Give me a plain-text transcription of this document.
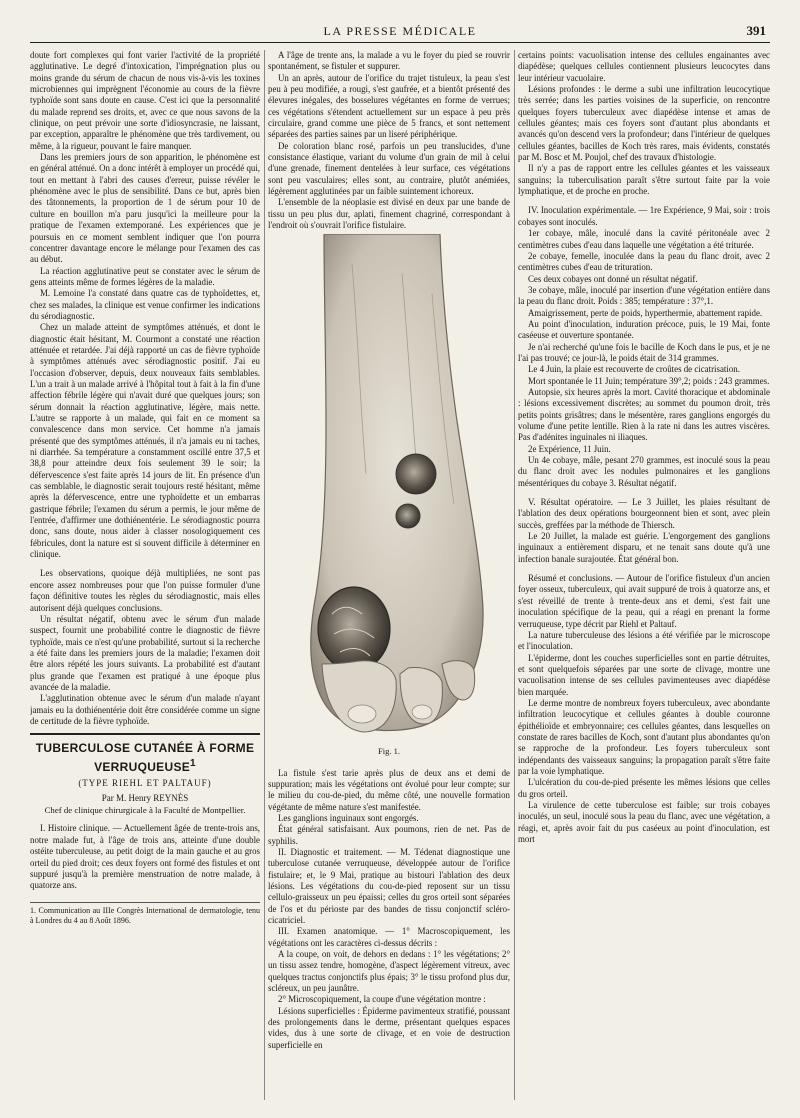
LA PRESSE MÉDICALE	391

doute fort complexes qui font varier l'activité de la propriété agglutinative. Le degré d'intoxication, l'imprégnation plus ou moins grande du sérum de chacun de nous vis-à-vis les toxines microbiennes qui imprègnent l'économie au cours de la fièvre typhoïde sont sans doute en cause. C'est ici que la personnalité du malade reprend ses droits, et, avec ce que nous savons de la clinique, on peut prévoir une sorte d'idiosyncrasie, ne laissant, par exception, apparaître le phénomène que très tardivement, ou même, à la rigueur, pouvant le faire manquer.

Dans les premiers jours de son apparition, le phénomène est en général atténué. On a donc intérêt à employer un procédé qui, tout en mettant à l'abri des causes d'erreur, puisse révéler le phénomène avec le plus de sensibilité. Dans ce but, après bien des tâtonnements, la proportion de 1 de sérum pour 10 de culture en bouillon m'a paru jusqu'ici la meilleure pour la pratique de l'examen extemporané. Les expériences que je poursuis en ce moment semblent indiquer que l'on pourra concentrer davantage encore le mélange pour l'examen des cas au début.

La réaction agglutinative peut se constater avec le sérum de gens atteints même de formes légères de la maladie.

M. Lemoine l'a constaté dans quatre cas de typhoïdettes, et, chez ses malades, la clinique est venue confirmer les indications du sérodiagnostic.

Chez un malade atteint de symptômes atténués, et dont le diagnostic était hésitant, M. Courmont a constaté une réaction atténuée et retardée. J'ai déjà rapporté un cas de fièvre typhoïde à symptômes atténués avec sérodiagnostic positif. J'ai eu l'occasion d'observer, depuis, deux nouveaux faits semblables. L'un a trait à un malade arrivé à l'hôpital tout à fait à la fin d'une affection fébrile légère qui n'avait duré que quelques jours; son sérum donnait la réaction agglutinative, légère, mais nette. L'autre se rapporte à un malade, qui fait en ce moment sa convalescence dans mon service. Cet homme n'a jamais présenté que des symptômes atténués, il n'a jamais eu ni taches, ni diarrhée. Sa température a constamment oscillé entre 37,5 et 38,8 pour atteindre deux fois seulement 39 le soir; la défervescence s'est faite après 14 jours de lit. En présence d'un cas semblable, le diagnostic serait toujours resté hésitant, même après la défervescence, entre une typhoïdette et un embarras gastrique fébrile; l'examen du sérum a permis, le jour même de l'entrée, d'affirmer une dothiénentérie. Le sérodiagnostic pourra donc, sans doute, nous aider à classer nosologiquement ces fébricules, dont la nature est si souvent difficile à déterminer en clinique.

Les observations, quoique déjà multipliées, ne sont pas encore assez nombreuses pour que l'on puisse formuler d'une façon définitive toutes les règles du sérodiagnostic, mais elles autorisent déjà quelques conclusions.

Un résultat négatif, obtenu avec le sérum d'un malade suspect, fournit une probabilité contre le diagnostic de fièvre typhoïde, mais ce n'est qu'une probabilité, surtout si la recherche a été faite dans les premiers jours de la maladie; l'examen doit être alors répété les jours suivants. La probabilité est d'autant plus grande que l'examen est pratiqué à une époque plus avancée de la maladie.

L'agglutination obtenue avec le sérum d'un malade n'ayant jamais eu la dothiénentérie doit être considérée comme un signe de certitude de la fièvre typhoïde.

TUBERCULOSE CUTANÉE À FORME VERRUQUEUSE$^1$
(TYPE RIEHL ET PALTAUF)
Par M. Henry REYNÈS
Chef de clinique chirurgicale à la Faculté de Montpellier.

I. Histoire clinique. — Actuellement âgée de trente-trois ans, notre malade fut, à l'âge de trois ans, atteinte d'une double ostéite tuberculeuse, au petit doigt de la main gauche et au gros orteil du pied droit; ces deux foyers ont formé des fistules et ont suppuré jusqu'à la première menstruation de notre malade, à quatorze ans.

1. Communication au IIIe Congrès International de dermatologie, tenu à Londres du 4 au 8 Août 1896.

A l'âge de trente ans, la malade a vu le foyer du pied se rouvrir spontanément, se fistuler et suppurer.

Un an après, autour de l'orifice du trajet tistuleux, la peau s'est peu à peu modifiée, a rougi, s'est gaufrée, et a bientôt présenté des élevures inégales, des bosselures végétantes en forme de verrues; ces végétations s'étendent actuellement sur un espace à peu près circulaire, grand comme une pièce de 5 francs, et sont nettement séparées des parties saines par un liseré périphérique.

De coloration blanc rosé, parfois un peu translucides, d'une consistance élastique, variant du volume d'un grain de mil à celui d'une grenade, finement dentelées à leur surface, ces végétations sont peu vasculaires; elles sont, au contraire, plutôt anémiées, légèrement agglutinées par un faible suintement ichoreux.

L'ensemble de la néoplasie est divisé en deux par une bande de tissu un peu plus dur, aplati, finement chagriné, correspondant à l'endroit où s'ouvrait l'orifice fistulaire.

Fig. 1.

La fistule s'est tarie après plus de deux ans et demi de suppuration; mais les végétations ont évolué pour leur compte; sur le milieu du cou-de-pied, du même côté, une nouvelle formation végétante de même nature s'est manifestée.

Les ganglions inguinaux sont engorgés.

État général satisfaisant. Aux poumons, rien de net. Pas de syphilis.

II. Diagnostic et traitement. — M. Tédenat diagnostique une tuberculose cutanée verruqueuse, développée autour de l'orifice fistulaire; et, le 9 Mai, pratique au bistouri l'ablation des deux lésions. Les végétations du cou-de-pied reposent sur un tissu cellulo-graisseux un peu épaissi; celles du gros orteil sont séparées de l'os et du périoste par des bandes de tissu conjonctif scléro-cicatriciel.

III. Examen anatomique. — 1° Macroscopiquement, les végétations ont les caractères ci-dessus décrits :

A la coupe, on voit, de dehors en dedans : 1° les végétations; 2° un tissu assez tendre, homogène, d'aspect légèrement vitreux, avec quelques tractus conjonctifs plus épais; 3° le tissu profond plus dur, scléreux, un peu jaunâtre.

2° Microscopiquement, la coupe d'une végétation montre :

Lésions superficielles : Épiderme pavimenteux stratifié, poussant des prolongements dans le derme, présentant quelques espaces vides, dus à une sorte de clivage, et en voie de destruction superficielle en

certains points: vacuolisation intense des cellules engainantes avec diapédèse; quelques cellules contiennent plusieurs leucocytes dans leur intérieur vacuolaire.

Lésions profondes : le derme a subi une infiltration leucocytique très serrée; dans les parties voisines de la superficie, on rencontre quelques foyers tuberculeux avec diapédèse intense et amas de cellules géantes; mais ces foyers sont d'autant plus abondants et avancés qu'on descend vers la profondeur; dans l'intérieur de quelques cellules géantes, bacilles de Koch très rares, mais évidents, constatés par M. Bosc et M. Poujol, chef des travaux d'histologie.

Il n'y a pas de rapport entre les cellules géantes et les vaisseaux sanguins; la tuberculisation paraît s'être surtout faite par la voie lymphatique, et de proche en proche.

IV. Inoculation expérimentale. — 1re Expérience, 9 Mai, soir : trois cobayes sont inoculés.

1er cobaye, mâle, inoculé dans la cavité péritonéale avec 2 centimètres cubes d'eau dans laquelle une végétation a été triturée.

2e cobaye, femelle, inoculée dans la peau du flanc droit, avec 2 centimètres cubes d'eau de trituration.

Ces deux cobayes ont donné un résultat négatif.

3e cobaye, mâle, inoculé par insertion d'une végétation entière dans la peau du flanc droit. Poids : 385; température : 37°,1.

Amaigrissement, perte de poids, hyperthermie, abattement rapide.

Au point d'inoculation, induration précoce, puis, le 19 Mai, fonte caséeuse et ouverture spontanée.

Je n'ai recherché qu'une fois le bacille de Koch dans le pus, et je ne l'ai pas trouvé; ce jour-là, le poids était de 314 grammes.

Le 4 Juin, la plaie est recouverte de croûtes de cicatrisation.

Mort spontanée le 11 Juin; température 39°,2; poids : 243 grammes.

Autopsie, six heures après la mort. Cavité thoracique et abdominale : lésions excessivement discrètes; au sommet du poumon droit, très petits points grisâtres; dans le mésentère, rares ganglions engorgés du volume d'une petite lentille. Rien à la rate ni dans les autres viscères. Pas d'adénites inguinales ni iliaques.

2e Expérience, 11 Juin.

Un 4e cobaye, mâle, pesant 270 grammes, est inoculé sous la peau du flanc droit avec les nodules pulmonaires et les ganglions mésentériques du cobaye 3. Résultat négatif.

V. Résultat opératoire. — Le 3 Juillet, les plaies résultant de l'ablation des deux opérations bourgeonnent bien et sont, avec plein succès, greffées par la méthode de Thiersch.

Le 20 Juillet, la malade est guérie. L'engorgement des ganglions inguinaux a entièrement disparu, et ne tenait sans doute qu'à une infection banale surajoutée. État général bon.

Résumé et conclusions. — Autour de l'orifice fistuleux d'un ancien foyer osseux, tuberculeux, qui avait suppuré de trois à quatorze ans, et s'est réveillé de trente à trente-deux ans et demi, s'est fait une inoculation spécifique de la peau, qui a réagi en prenant la forme verruqueuse, type décrit par Riehl et Paltauf.

La nature tuberculeuse des lésions a été vérifiée par le microscope et l'inoculation.

L'épiderme, dont les couches superficielles sont en partie détruites, et sont quelquefois séparées par une sorte de clivage, montre une vacuolisation intense de ses cellules pavimenteuses avec diapédèse bien marquée.

Le derme montre de nombreux foyers tuberculeux, avec abondante infiltration leucocytique et cellules géantes à double couronne épithélioïde et embryonnaire; ces cellules géantes, dans lesquelles on constate de rares bacilles de Koch, sont d'autant plus abondantes qu'on se rapproche de la profondeur. Les foyers tuberculeux sont indépendants des vaisseaux sanguins; la propagation paraît s'être faite par la voie lymphatique.

L'ulcération du cou-de-pied présente les mêmes lésions que celles du gros orteil.

La virulence de cette tuberculose est faible; sur trois cobayes inoculés, un seul, inoculé sous la peau du flanc, avec une végétation, a réagi, et, après avoir fait du pus caséeux au point d'inoculation, est mort
